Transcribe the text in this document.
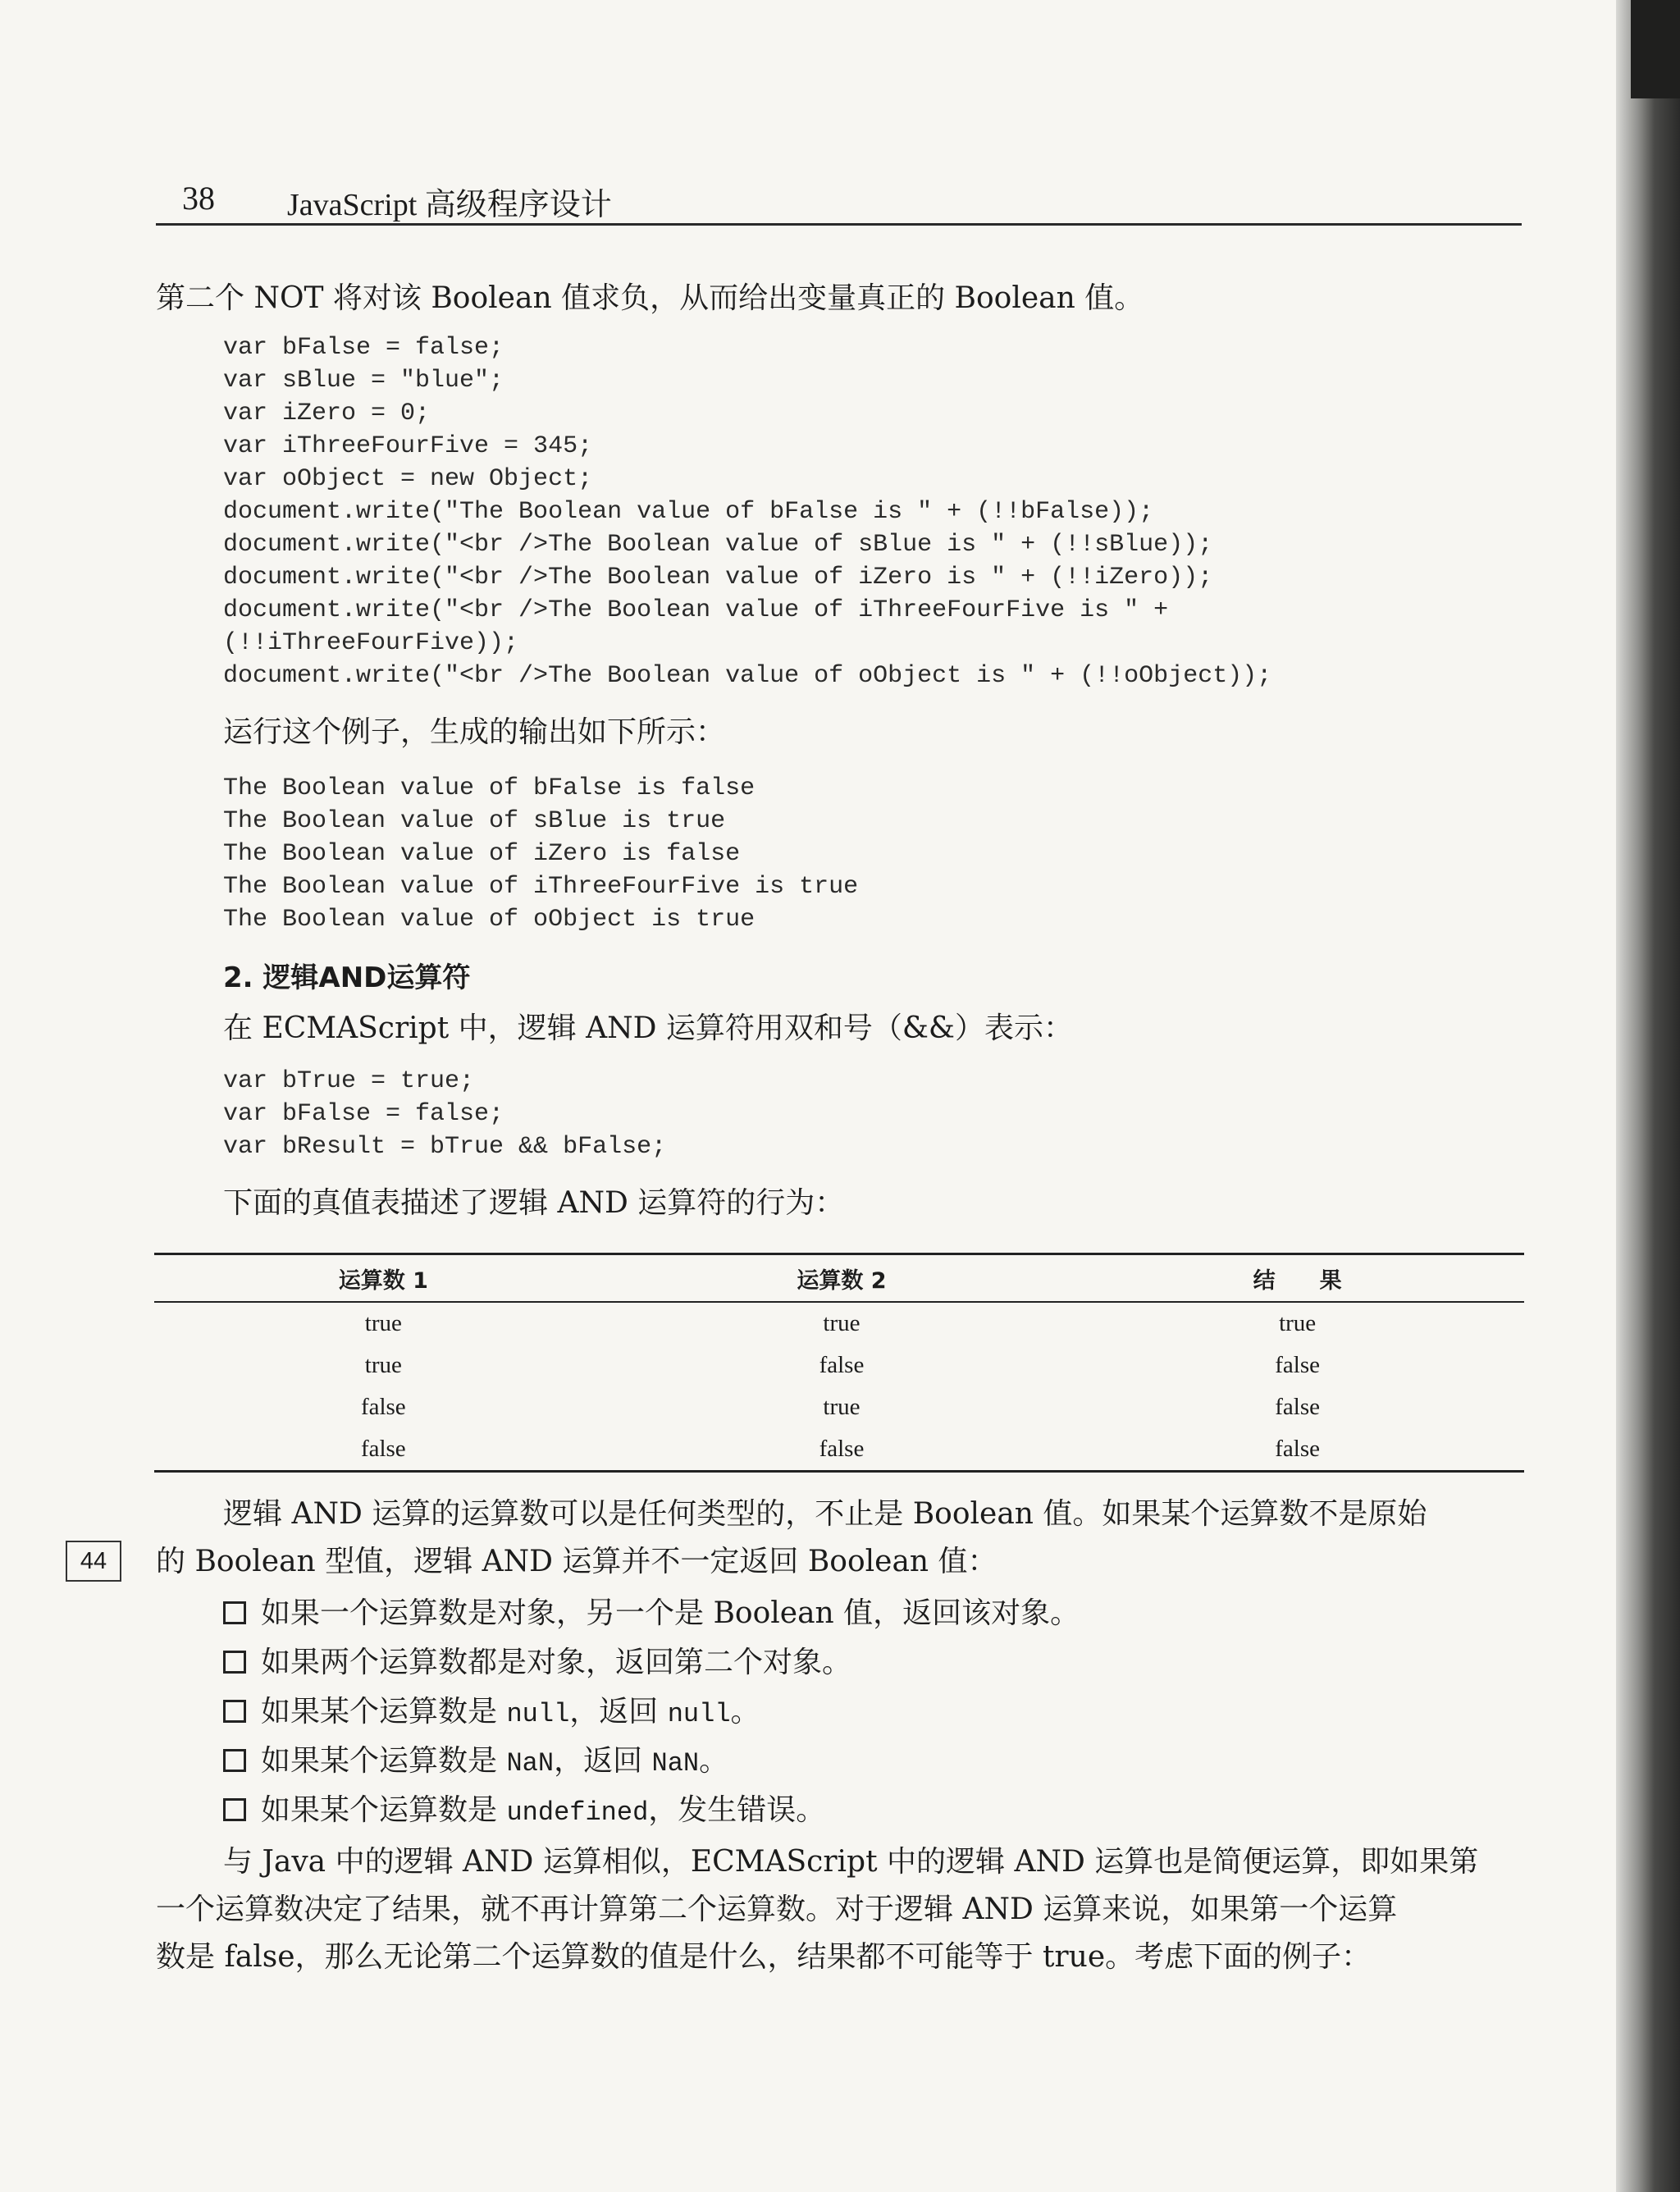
38 JavaScript 高级程序设计
第二个 NOT 将对该 Boolean 值求负，从而给出变量真正的 Boolean 值。
var bFalse = false;
var sBlue = "blue";
var iZero = 0;
var iThreeFourFive = 345;
var oObject = new Object;
document.write("The Boolean value of bFalse is " + (!!bFalse));
document.write("<br />The Boolean value of sBlue is " + (!!sBlue));
document.write("<br />The Boolean value of iZero is " + (!!iZero));
document.write("<br />The Boolean value of iThreeFourFive is " +
(!!iThreeFourFive));
document.write("<br />The Boolean value of oObject is " + (!!oObject));
运行这个例子，生成的输出如下所示：
The Boolean value of bFalse is false
The Boolean value of sBlue is true
The Boolean value of iZero is false
The Boolean value of iThreeFourFive is true
The Boolean value of oObject is true
2. 逻辑AND运算符
在 ECMAScript 中，逻辑 AND 运算符用双和号（&&）表示：
var bTrue = true;
var bFalse = false;
var bResult = bTrue && bFalse;
下面的真值表描述了逻辑 AND 运算符的行为：
运算数 1	运算数 2	结　　果
true	true	true
true	false	false
false	true	false
false	false	false
44
逻辑 AND 运算的运算数可以是任何类型的，不止是 Boolean 值。如果某个运算数不是原始
的 Boolean 型值，逻辑 AND 运算并不一定返回 Boolean 值：
如果一个运算数是对象，另一个是 Boolean 值，返回该对象。
如果两个运算数都是对象，返回第二个对象。
如果某个运算数是 null，返回 null。
如果某个运算数是 NaN，返回 NaN。
如果某个运算数是 undefined，发生错误。
与 Java 中的逻辑 AND 运算相似，ECMAScript 中的逻辑 AND 运算也是简便运算，即如果第
一个运算数决定了结果，就不再计算第二个运算数。对于逻辑 AND 运算来说，如果第一个运算
数是 false，那么无论第二个运算数的值是什么，结果都不可能等于 true。考虑下面的例子：
